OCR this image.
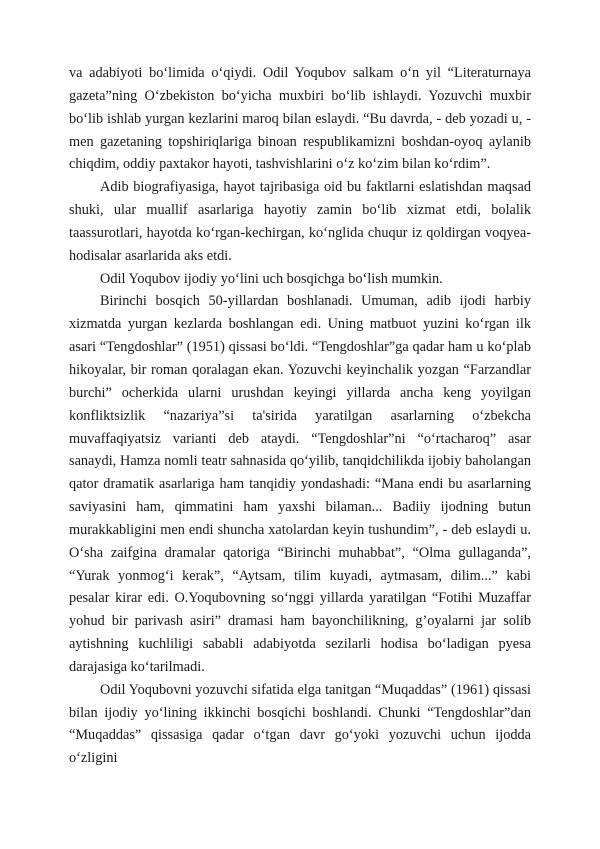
va adabiyoti bo‘limida o‘qiydi. Odil Yoqubov salkam o‘n yil “Literaturnaya gazeta”ning O‘zbekiston bo‘yicha muxbiri bo‘lib ishlaydi. Yozuvchi muxbir bo‘lib ishlab yurgan kezlarini maroq bilan eslaydi. “Bu davrda, - deb yozadi u, - men gazetaning topshiriqlariga binoan respublikamizni boshdan-oyoq aylanib chiqdim, oddiy paxtakor hayoti, tashvishlarini o‘z ko‘zim bilan ko‘rdim”.

Adib biografiyasiga, hayot tajribasiga oid bu faktlarni eslatishdan maqsad shuki, ular muallif asarlariga hayotiy zamin bo‘lib xizmat etdi, bolalik taassurotlari, hayotda ko‘rgan-kechirgan, ko‘nglida chuqur iz qoldirgan voqyea-hodisalar asarlarida aks etdi.

Odil Yoqubov ijodiy yo‘lini uch bosqichga bo‘lish mumkin.

Birinchi bosqich 50-yillardan boshlanadi. Umuman, adib ijodi harbiy xizmatda yurgan kezlarda boshlangan edi. Uning matbuot yuzini ko‘rgan ilk asari “Tengdoshlar” (1951) qissasi bo‘ldi. “Tengdoshlar”ga qadar ham u ko‘plab hikoyalar, bir roman qoralagan ekan. Yozuvchi keyinchalik yozgan “Farzandlar burchi” ocherkida ularni urushdan keyingi yillarda ancha keng yoyilgan konfliktsizlik “nazariya”si ta'sirida yaratilgan asarlarning o‘zbekcha muvaffaqiyatsiz varianti deb ataydi. “Tengdoshlar”ni “o‘rtacharoq” asar sanaydi, Hamza nomli teatr sahnasida qo‘yilib, tanqidchilikda ijobiy baholangan qator dramatik asarlariga ham tanqidiy yondashadi: “Mana endi bu asarlarning saviyasini ham, qimmatini ham yaxshi bilaman... Badiiy ijodning butun murakkabligini men endi shuncha xatolardan keyin tushundim”, - deb eslaydi u. O‘sha zaifgina dramalar qatoriga “Birinchi muhabbat”, “Olma gullaganda”, “Yurak yonmog‘i kerak”, “Aytsam, tilim kuyadi, aytmasam, dilim...” kabi pesalar kirar edi. O.Yoqubovning so‘nggi yillarda yaratilgan “Fotihi Muzaffar yohud bir parivash asiri” dramasi ham bayonchilikning, g’oyalarni jar solib aytishning kuchliligi sababli adabiyotda sezilarli hodisa bo‘ladigan pyesa darajasiga ko‘tarilmadi.

Odil Yoqubovni yozuvchi sifatida elga tanitgan “Muqaddas” (1961) qissasi bilan ijodiy yo‘lining ikkinchi bosqichi boshlandi. Chunki “Tengdoshlar”dan “Muqaddas” qissasiga qadar o‘tgan davr go‘yoki yozuvchi uchun ijodda o‘zligini
